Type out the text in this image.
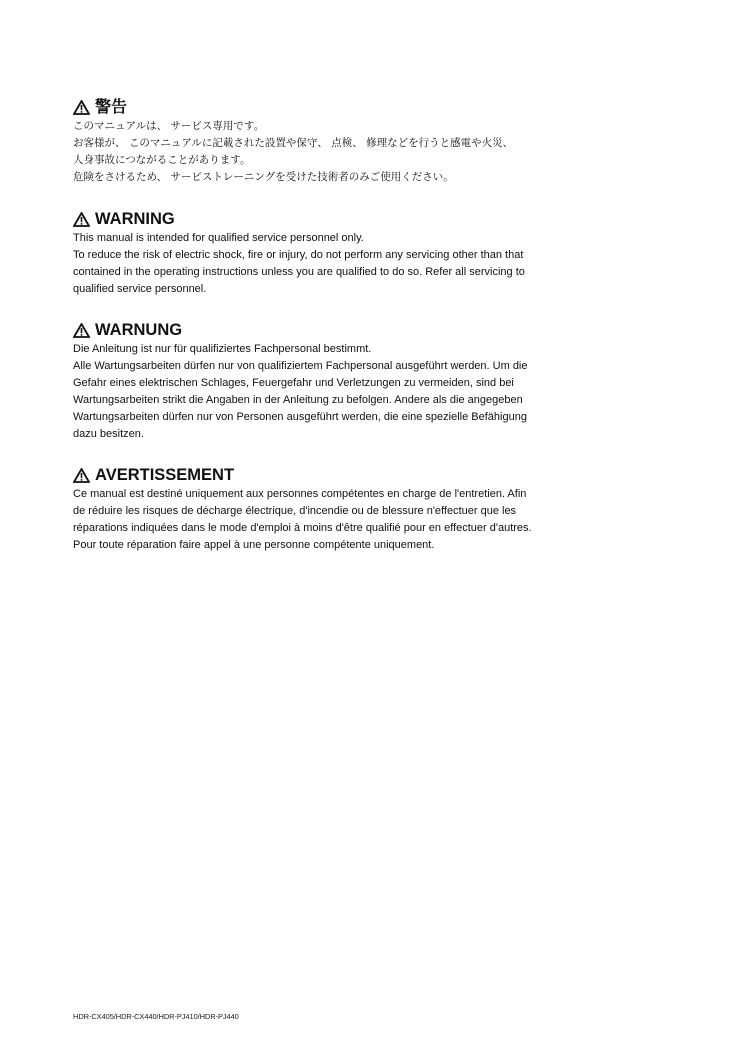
警告
このマニュアルは、 サービス専用です。
お客様が、 このマニュアルに記載された設置や保守、 点検、 修理などを行うと感電や火災、
人身事故につながることがあります。
危険をさけるため、 サービストレーニングを受けた技術者のみご使用ください。
WARNING
This manual is intended for qualified service personnel only.
To reduce the risk of electric shock, fire or injury, do not perform any servicing other than that
contained in the operating instructions unless you are qualified to do so. Refer all servicing to
qualified service personnel.
WARNUNG
Die Anleitung ist nur für qualifiziertes Fachpersonal bestimmt.
Alle Wartungsarbeiten dürfen nur von qualifiziertem Fachpersonal ausgeführt werden. Um die
Gefahr eines elektrischen Schlages, Feuergefahr und Verletzungen zu vermeiden, sind bei
Wartungsarbeiten strikt die Angaben in der Anleitung zu befolgen. Andere als die angegeben
Wartungsarbeiten dürfen nur von Personen ausgeführt werden, die eine spezielle Befähigung
dazu besitzen.
AVERTISSEMENT
Ce manual est destiné uniquement aux personnes compétentes en charge de l'entretien. Afin
de réduire les risques de décharge électrique, d'incendie ou de blessure n'effectuer que les
réparations indiquées dans le mode d'emploi à moins d'être qualifié pour en effectuer d'autres.
Pour toute réparation faire appel à une personne compétente uniquement.
HDR-CX405/HDR-CX440/HDR-PJ410/HDR-PJ440
